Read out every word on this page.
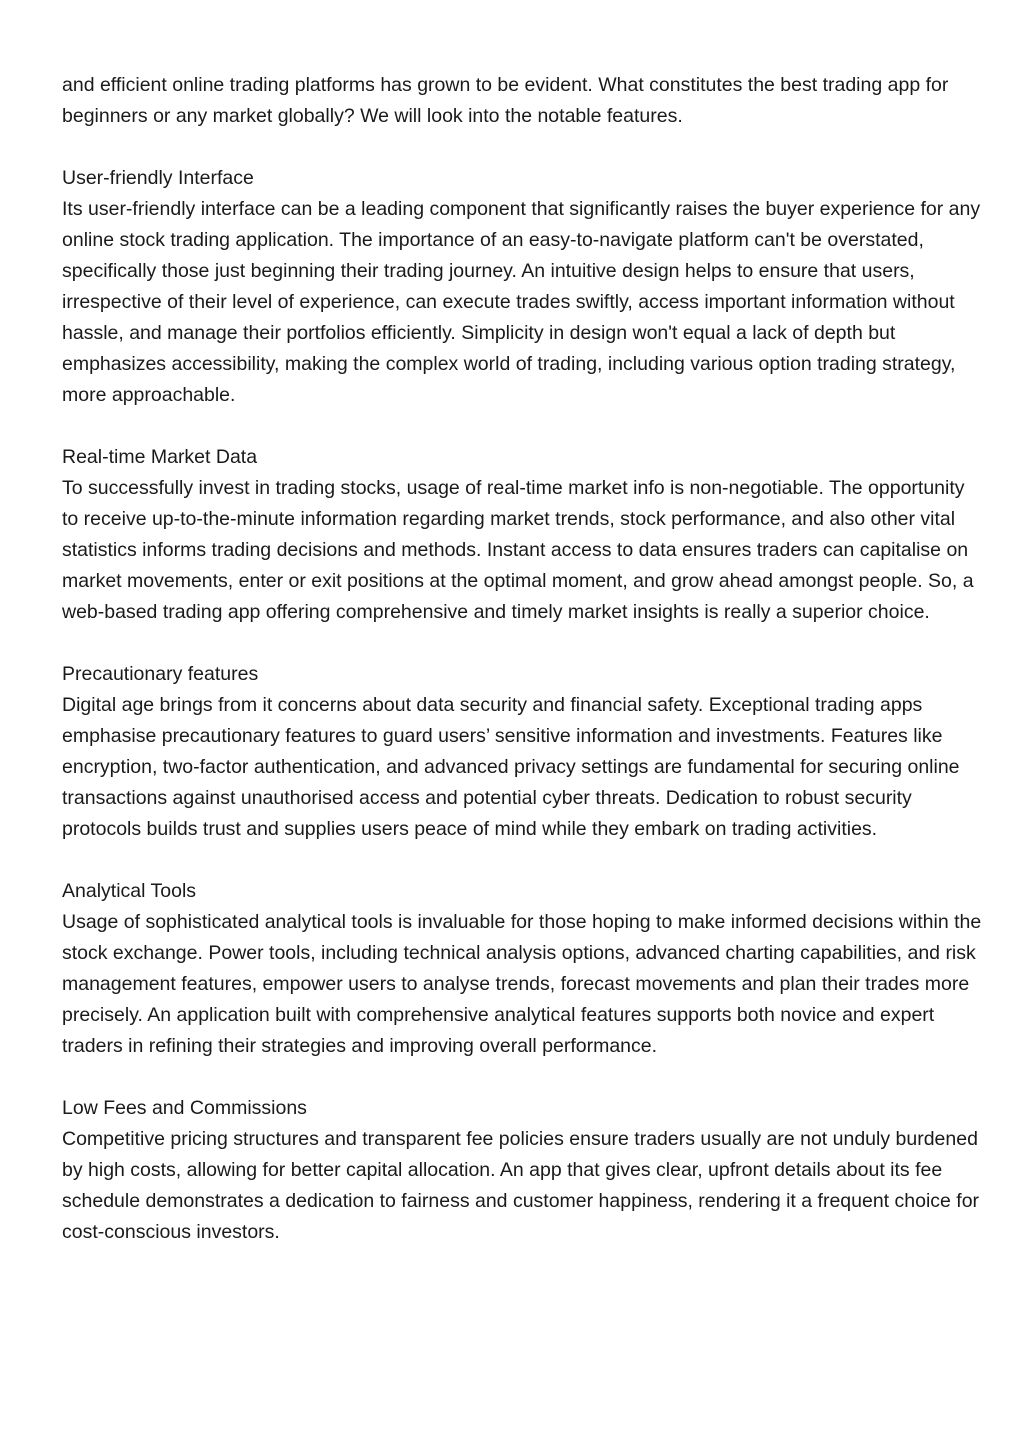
and efficient online trading platforms has grown to be evident. What constitutes the best trading app for beginners or any market globally? We will look into the notable features.

User-friendly Interface

Its user-friendly interface can be a leading component that significantly raises the buyer experience for any online stock trading application. The importance of an easy-to-navigate platform can't be overstated, specifically those just beginning their trading journey. An intuitive design helps to ensure that users, irrespective of their level of experience, can execute trades swiftly, access important information without hassle, and manage their portfolios efficiently. Simplicity in design won't equal a lack of depth but emphasizes accessibility, making the complex world of trading, including various option trading strategy, more approachable.

Real-time Market Data

To successfully invest in trading stocks, usage of real-time market info is non-negotiable. The opportunity to receive up-to-the-minute information regarding market trends, stock performance, and also other vital statistics informs trading decisions and methods. Instant access to data ensures traders can capitalise on market movements, enter or exit positions at the optimal moment, and grow ahead amongst people. So, a web-based trading app offering comprehensive and timely market insights is really a superior choice.

Precautionary features

Digital age brings from it concerns about data security and financial safety. Exceptional trading apps emphasise precautionary features to guard users’ sensitive information and investments. Features like encryption, two-factor authentication, and advanced privacy settings are fundamental for securing online transactions against unauthorised access and potential cyber threats. Dedication to robust security protocols builds trust and supplies users peace of mind while they embark on trading activities.

Analytical Tools

Usage of sophisticated analytical tools is invaluable for those hoping to make informed decisions within the stock exchange. Power tools, including technical analysis options, advanced charting capabilities, and risk management features, empower users to analyse trends, forecast movements and plan their trades more precisely. An application built with comprehensive analytical features supports both novice and expert traders in refining their strategies and improving overall performance.

Low Fees and Commissions

Competitive pricing structures and transparent fee policies ensure traders usually are not unduly burdened by high costs, allowing for better capital allocation. An app that gives clear, upfront details about its fee schedule demonstrates a dedication to fairness and customer happiness, rendering it a frequent choice for cost-conscious investors.
